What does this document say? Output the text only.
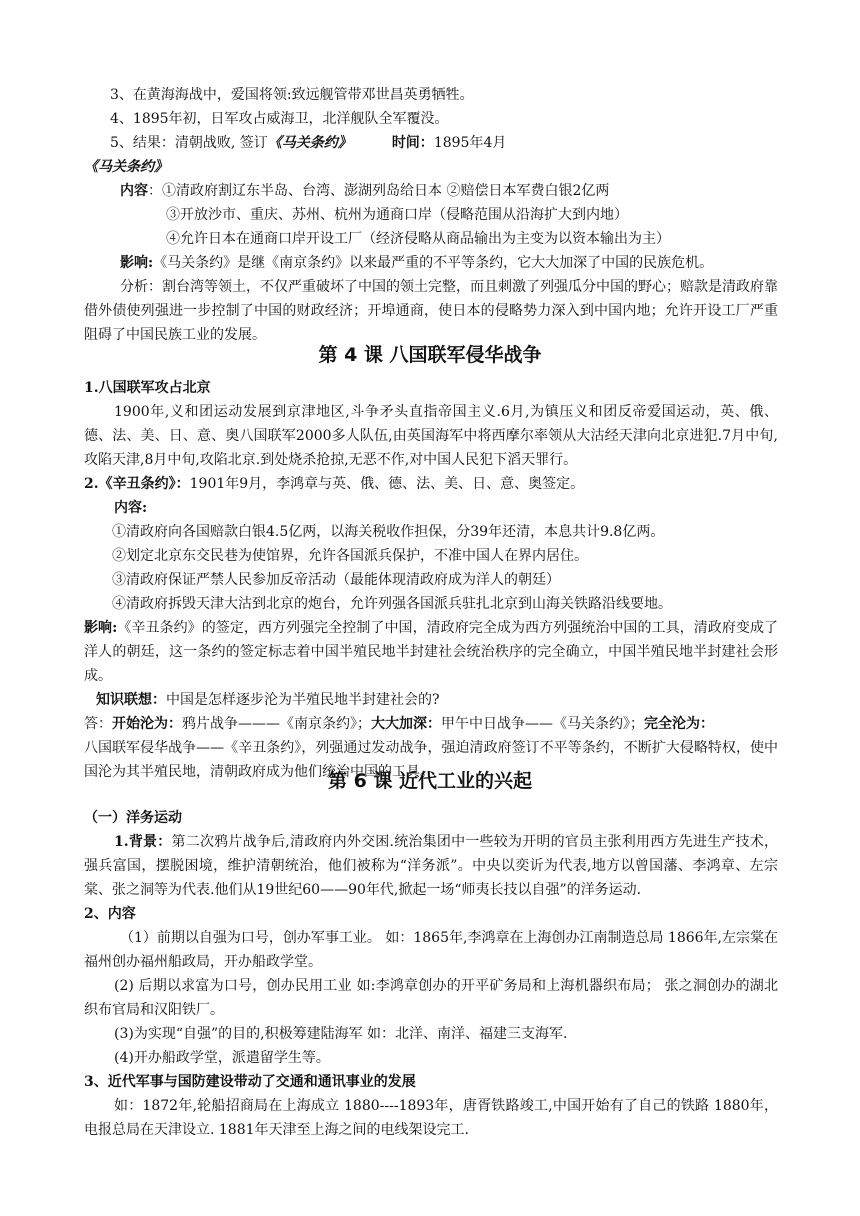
3、在黄海海战中，爱国将领:致远舰管带邓世昌英勇牺牲。
4、1895年初，日军攻占威海卫，北洋舰队全军覆没。
5、结果：清朝战败, 签订《马关条约》	时间：1895年4月
《马关条约》
内容：①清政府割辽东半岛、台湾、澎湖列岛给日本 ②赔偿日本军费白银2亿两
③开放沙市、重庆、苏州、杭州为通商口岸（侵略范围从沿海扩大到内地）
④允许日本在通商口岸开设工厂（经济侵略从商品输出为主变为以资本输出为主）
影响:《马关条约》是继《南京条约》以来最严重的不平等条约，它大大加深了中国的民族危机。
分析：割台湾等领土，不仅严重破坏了中国的领土完整，而且刺激了列强瓜分中国的野心；赔款是清政府靠借外债使列强进一步控制了中国的财政经济；开埠通商，使日本的侵略势力深入到中国内地；允许开设工厂严重阻碍了中国民族工业的发展。
第 4 课 八国联军侵华战争
1.八国联军攻占北京
1900年,义和团运动发展到京津地区,斗争矛头直指帝国主义.6月,为镇压义和团反帝爱国运动，英、俄、德、法、美、日、意、奥八国联军2000多人队伍,由英国海军中将西摩尔率领从大沽经天津向北京进犯.7月中旬,攻陷天津,8月中旬,攻陷北京.到处烧杀抢掠,无恶不作,对中国人民犯下滔天罪行。
2.《辛丑条约》：1901年9月，李鸿章与英、俄、德、法、美、日、意、奥签定。
内容:
①清政府向各国赔款白银4.5亿两，以海关税收作担保，分39年还清，本息共计9.8亿两。
②划定北京东交民巷为使馆界，允许各国派兵保护，不准中国人在界内居住。
③清政府保证严禁人民参加反帝活动（最能体现清政府成为洋人的朝廷）
④清政府拆毁天津大沽到北京的炮台，允许列强各国派兵驻扎北京到山海关铁路沿线要地。
影响:《辛丑条约》的签定，西方列强完全控制了中国，清政府完全成为西方列强统治中国的工具，清政府变成了洋人的朝廷，这一条约的签定标志着中国半殖民地半封建社会统治秩序的完全确立，中国半殖民地半封建社会形成。
知识联想：中国是怎样逐步沦为半殖民地半封建社会的?
答：开始沦为：鸦片战争———《南京条约》；大大加深：甲午中日战争——《马关条约》；完全沦为：
八国联军侵华战争——《辛丑条约》，列强通过发动战争，强迫清政府签订不平等条约，不断扩大侵略特权，使中国沦为其半殖民地，清朝政府成为他们统治中国的工具。
第 6 课 近代工业的兴起
（一）洋务运动
1.背景：第二次鸦片战争后,清政府内外交困.统治集团中一些较为开明的官员主张利用西方先进生产技术，强兵富国，摆脱困境，维护清朝统治，他们被称为“洋务派”。中央以奕䜣为代表,地方以曾国藩、李鸿章、左宗棠、张之洞等为代表.他们从19世纪60——90年代,掀起一场“师夷长技以自强”的洋务运动.
2、内容
（1）前期以自强为口号，创办军事工业。 如：1865年,李鸿章在上海创办江南制造总局 1866年,左宗棠在福州创办福州船政局，开办船政学堂。
(2) 后期以求富为口号，创办民用工业 如:李鸿章创办的开平矿务局和上海机器织布局； 张之洞创办的湖北织布官局和汉阳铁厂。
(3)为实现“自强”的目的,积极筹建陆海军 如：北洋、南洋、福建三支海军.
(4)开办船政学堂，派遣留学生等。
3、近代军事与国防建设带动了交通和通讯事业的发展
如：1872年,轮船招商局在上海成立 1880----1893年，唐胥铁路竣工,中国开始有了自己的铁路 1880年，电报总局在天津设立. 1881年天津至上海之间的电线架设完工.
